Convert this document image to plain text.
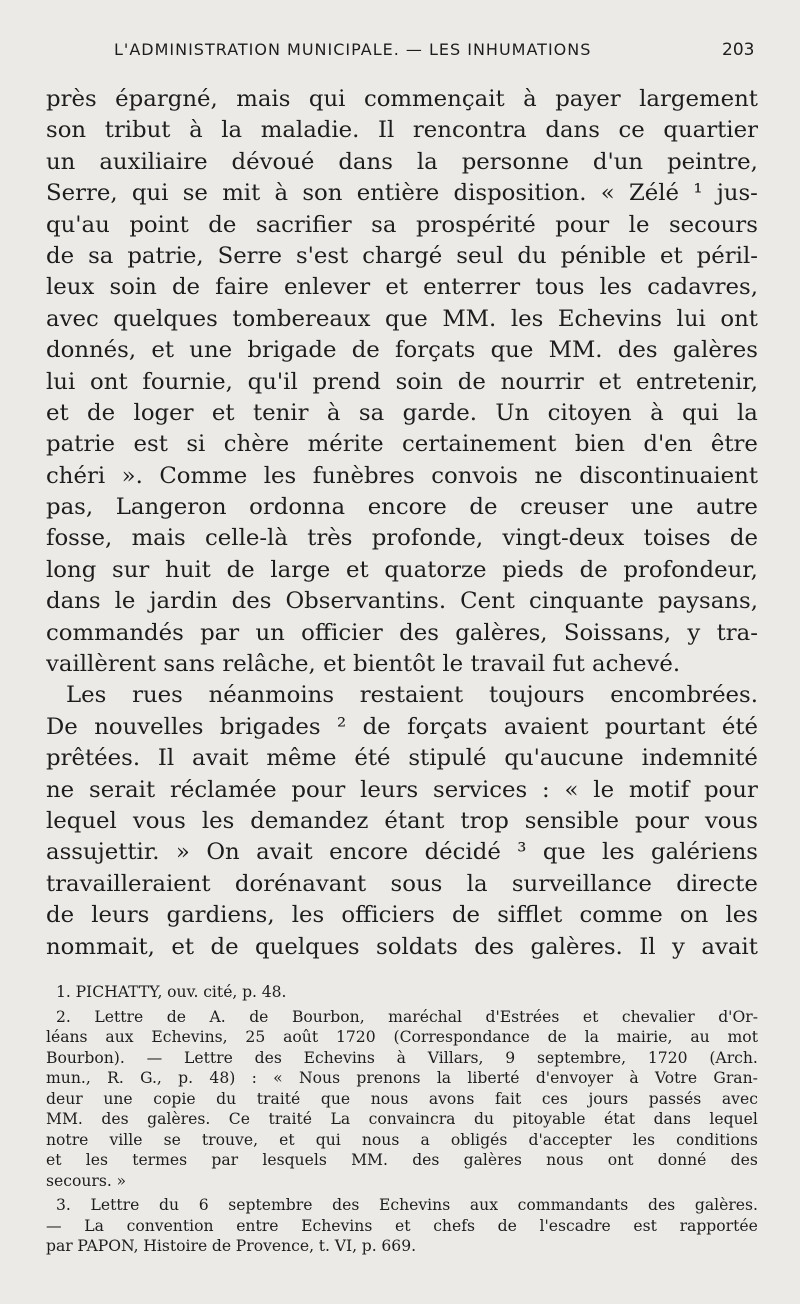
L'ADMINISTRATION MUNICIPALE. — LES INHUMATIONS	203
près épargné, mais qui commençait à payer largement
son tribut à la maladie. Il rencontra dans ce quartier
un auxiliaire dévoué dans la personne d'un peintre,
Serre, qui se mit à son entière disposition. « Zélé ¹ jus-
qu'au point de sacrifier sa prospérité pour le secours
de sa patrie, Serre s'est chargé seul du pénible et péril-
leux soin de faire enlever et enterrer tous les cadavres,
avec quelques tombereaux que MM. les Echevins lui ont
donnés, et une brigade de forçats que MM. des galères
lui ont fournie, qu'il prend soin de nourrir et entretenir,
et de loger et tenir à sa garde. Un citoyen à qui la
patrie est si chère mérite certainement bien d'en être
chéri ». Comme les funèbres convois ne discontinuaient
pas, Langeron ordonna encore de creuser une autre
fosse, mais celle-là très profonde, vingt-deux toises de
long sur huit de large et quatorze pieds de profondeur,
dans le jardin des Observantins. Cent cinquante paysans,
commandés par un officier des galères, Soissans, y tra-
vaillèrent sans relâche, et bientôt le travail fut achevé.
Les rues néanmoins restaient toujours encombrées.
De nouvelles brigades ² de forçats avaient pourtant été
prêtées. Il avait même été stipulé qu'aucune indemnité
ne serait réclamée pour leurs services : « le motif pour
lequel vous les demandez étant trop sensible pour vous
assujettir. » On avait encore décidé ³ que les galériens
travailleraient dorénavant sous la surveillance directe
de leurs gardiens, les officiers de sifflet comme on les
nommait, et de quelques soldats des galères. Il y avait
1. PICHATTY, ouv. cité, p. 48.
2. Lettre de A. de Bourbon, maréchal d'Estrées et chevalier d'Or-
léans aux Echevins, 25 août 1720 (Correspondance de la mairie, au mot
Bourbon). — Lettre des Echevins à Villars, 9 septembre, 1720 (Arch.
mun., R. G., p. 48) : « Nous prenons la liberté d'envoyer à Votre Gran-
deur une copie du traité que nous avons fait ces jours passés avec
MM. des galères. Ce traité La convaincra du pitoyable état dans lequel
notre ville se trouve, et qui nous a obligés d'accepter les conditions
et les termes par lesquels MM. des galères nous ont donné des
secours. »
3. Lettre du 6 septembre des Echevins aux commandants des galères.
— La convention entre Echevins et chefs de l'escadre est rapportée
par PAPON, Histoire de Provence, t. VI, p. 669.
